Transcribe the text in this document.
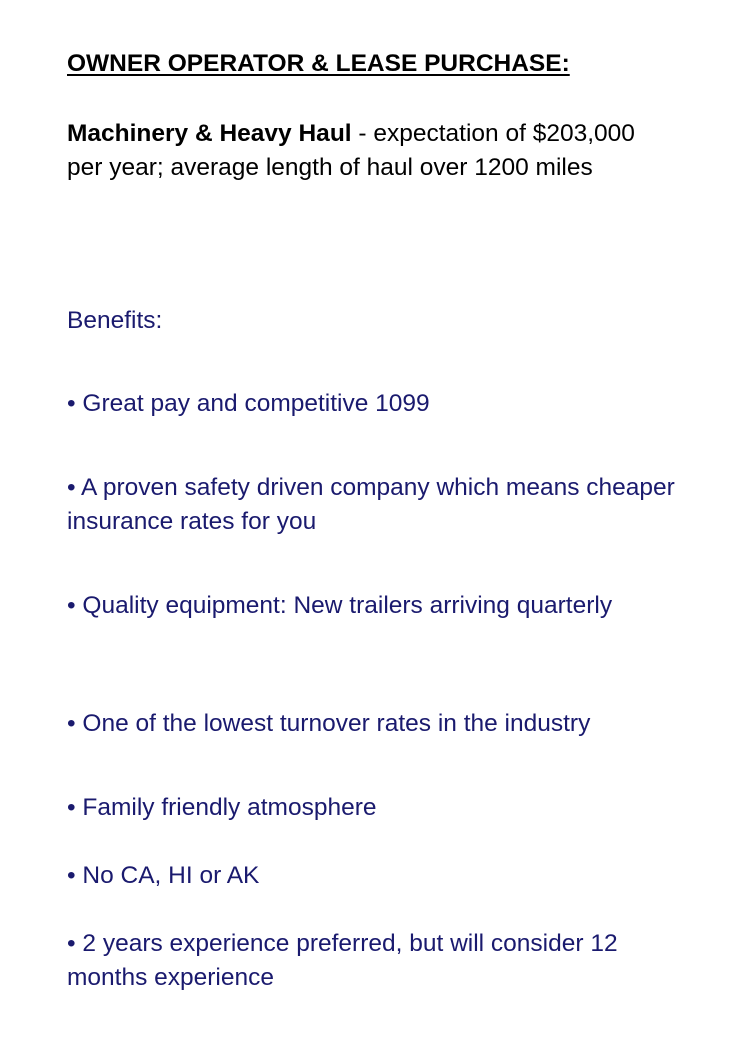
OWNER OPERATOR & LEASE PURCHASE:

Machinery & Heavy Haul - expectation of $203,000 per year; average length of haul over 1200 miles

Benefits:

• Great pay and competitive 1099

• A proven safety driven company which means cheaper insurance rates for you

• Quality equipment: New trailers arriving quarterly

• One of the lowest turnover rates in the industry

• Family friendly atmosphere

• No CA, HI or AK

• 2 years experience preferred, but will consider 12 months experience
